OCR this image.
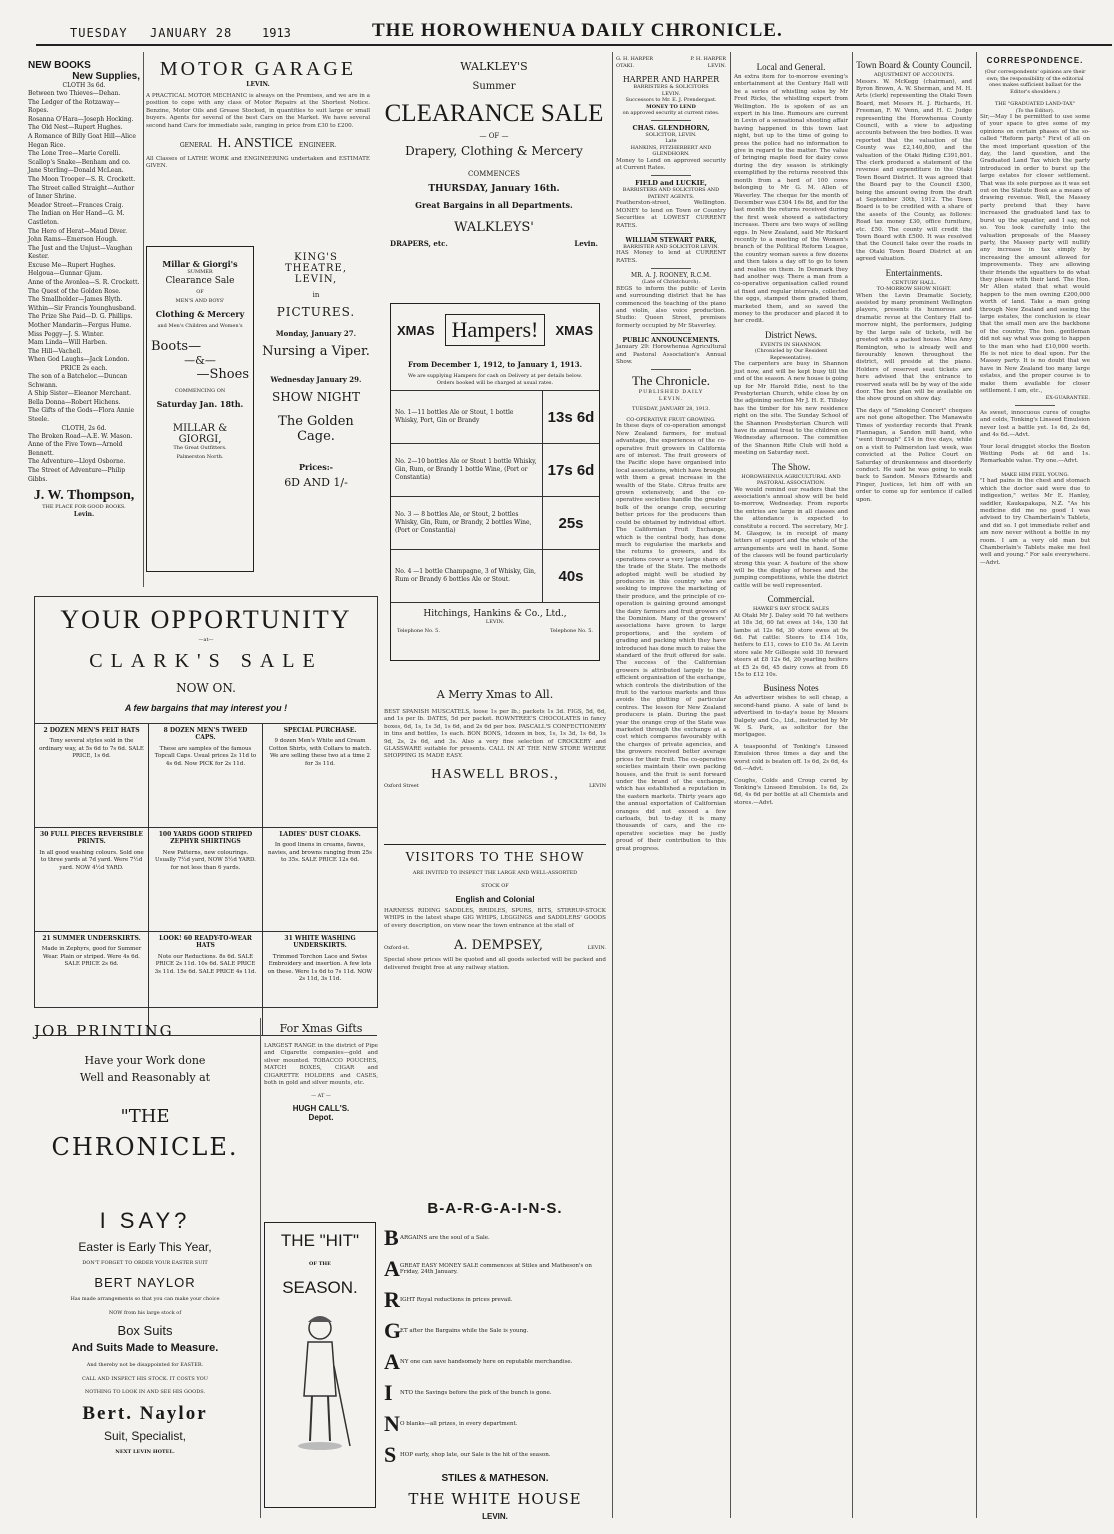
TUESDAY JANUARY 28 1913	THE HOROWHENUA DAILY CHRONICLE.
NEW BOOKS
New Supplies,
CLOTH 3s 6d.
Between two Thieves—Dehan.
The Ledger of the Rotzaway—Ropes.
Rosanna O'Hara—Joseph Hocking.
The Old Nest—Rupert Hughes.
A Romance of Billy Goat Hill—Alice Hegan Rice.
The Lone Tree—Marie Corelli.
Scallop's Snake—Benham and co.
Jane Sterling—Donald McLean.
The Moon Trooper—S. R. Crockett.
The Street called Straight—Author of Inner Shrine.
Meador Street—Frances Craig.
The Indian on Her Hand—G. M. Castleton.
The Hero of Herat—Maud Diver.
John Rams—Emerson Hough.
The Just and the Unjust—Vaughan Kester.
Excuse Me—Rupert Hughes.
Helgoua—Gunnar Gjum.
Anne of the Avonlea—S. R. Crockett.
The Quest of the Golden Rose.
The Smallholder—James Blyth.
Within—Sir Francis Younghusband.
The Prize She Paid—D. G. Phillips.
Mother Mandarin—Fergus Hume.
Miss Peggy—J. S. Winter.
Mam Linda—Will Harben.
The Hill—Vachell.
When God Laughs—Jack London.
PRICE 2s each.
The son of a Batchelor.—Duncan Schwann.
A Ship Sister—Eleanor Merchant.
Bella Donna—Robert Hichens.
The Gifts of the Gods—Flora Annie Steele.
CLOTH, 2s 6d.
The Broken Road—A.E. W. Mason.
Anne of the Five Town—Arnold Bennett.
The Adventure—Lloyd Osborne.
The Street of Adventure—Philip Gibbs.
J. W. Thompson,
THE PLACE FOR GOOD BOOKS.
Levin.
MOTOR GARAGE
LEVIN.
A PRACTICAL MOTOR MECHANIC is always on the Premises, and we are in a position to cope with any class of Motor Repairs at the Shortest Notice. Benzine, Motor Oils and Grease Stocked, in quantities to suit large or small buyers. Agents for several of the best Cars on the Market. We have several second hand Cars for immediate sale, ranging in price from £30 to £200.
GENERAL H. ANSTICE ENGINEER.
All Classes of LATHE WORK and ENGINEERING undertaken and ESTIMATE GIVEN.
Millar & Giorgi's
SUMMER
Clearance Sale
OF
MEN'S AND BOYS'
Clothing & Mercery
and Men's Children and Women's
Boots—
—&—
—Shoes
COMMENCING ON
Saturday Jan. 18th.
MILLAR & GIORGI,
The Great Outfitters.
Palmerston North.
KING'S THEATRE, LEVIN,
in
PICTURES.
Monday, January 27.
Nursing a Viper.
Wednesday January 29.
SHOW NIGHT
The Golden Cage.
Prices:-
6D AND 1/-
WALKLEY'S
Summer
CLEARANCE SALE
— OF —
Drapery, Clothing & Mercery
COMMENCES
THURSDAY, January 16th.
Great Bargains in all Departments.
WALKLEYS'
DRAPERS, etc.	Levin.
XMAS Hampers!	XMAS
From December 1, 1912, to January 1, 1913.
We are supplying Hampers for cash on Delivery at per details below. Orders booked will be charged at usual rates.
No. 1—11 bottles Ale or Stout, 1 bottle Whisky, Port, Gin or Brandy	13s 6d
No. 2—10 bottles Ale or Stout 1 bottle Whisky, Gin, Rum, or Brandy 1 bottle Wine, (Port or Constantia)	17s 6d
No. 3 — 8 bottles Ale, or Stout, 2 bottles Whisky, Gin, Rum, or Brandy, 2 bottles Wine, (Port or Constantia)	25s
No. 4 —1 bottle Champagne, 3 of Whisky, Gin, Rum or Brandy 6 bottles Ale or Stout.	40s
Hitchings, Hankins & Co., Ltd.,
LEVIN.
Telephone No. 5.	Telephone No. 5.
A Merry Xmas to All.
BEST SPANISH MUSCATELS, loose 1s per lb.; packets 1s 3d. FIGS, 5d, 6d, and 1s per lb. DATES, 5d per packet. ROWNTREE'S CHOCOLATES in fancy boxes, 6d, 1s, 1s 3d, 1s 6d, and 2s 6d per box. PASCALL'S CONFECTIONERY in tins and bottles, 1s each. BON BONS, 1dozen in box, 1s, 1s 3d, 1s 6d, 1s 9d, 2s, 2s 6d, and 3s. Also a very fine selection of CROCKERY and GLASSWARE suitable for presents. CALL IN AT THE NEW STORE WHERE SHOPPING IS MADE EASY.
HASWELL BROS.,
Oxford Street	LEVIN
VISITORS TO THE SHOW
ARE INVITED TO INSPECT THE LARGE AND WELL-ASSORTED
STOCK OF
English and Colonial
HARNESS RIDING SADDLES, BRIDLES, SPURS, BITS, STIRRUP-STOCK WHIPS in the latest shape GIG WHIPS, LEGGINGS and SADDLERS' GOODS of every description, on view near the town entrance at the stall of
Oxford-st.	A. DEMPSEY,	LEVIN.
Special show prices will be quoted and all goods selected will be packed and delivered freight free at any railway station.
YOUR OPPORTUNITY
—at—
CLARK'S SALE
NOW ON.
A few bargains that may interest you !
2 DOZEN MEN'S FELT HATS
Tony several styles sold in the ordinary way, at 5s 6d to 7s 6d. SALE PRICE, 1s 6d.
8 DOZEN MEN'S TWEED CAPS.
These are samples of the famous Topcall Caps. Usual prices 2s 11d to 4s 6d. Now PICK for 2s 11d.
SPECIAL PURCHASE.
9 dozen Men's White and Cream Cotton Shirts, with Collars to match. We are selling these two at a time 2 for 3s 11d.
30 FULL PIECES REVERSIBLE PRINTS.
In all good washing colours. Sold one to three yards at 7d yard. Were 7½d yard. NOW 4½d YARD.
100 YARDS GOOD STRIPED ZEPHYR SHIRTINGS
New Patterns, new colourings. Usually 7½d yard, NOW 5½d YARD. for not less than 6 yards.
LADIES' DUST CLOAKS.
In good linens in creams, fawns, navies, and browns ranging from 25s to 35s. SALE PRICE 12s 6d.
21 SUMMER UNDERSKIRTS.
Made in Zephyrs, good for Summer Wear. Plain or striped. Were 4s 6d. SALE PRICE 2s 6d.
LOOK! 60 READY-TO-WEAR HATS
Note our Reductions. 8s 6d. SALE PRICE 2s 11d. 10s 6d. SALE PRICE 3s 11d. 15s 6d. SALE PRICE 4s 11d.
31 WHITE WASHING UNDERSKIRTS.
Trimmed Torchon Lace and Swiss Embroidery and insertion. A few lots on these. Were 1s 6d to 7s 11d. NOW 2s 11d, 3s 11d.
JOB PRINTING
Have your Work done
Well and Reasonably at
"THE
CHRONICLE.
I SAY?
Easter is Early This Year,
DON'T FORGET TO ORDER YOUR EASTER SUIT
BERT NAYLOR
Has made arrangements so that you can make your choice
NOW from his large stock of
Box Suits
And Suits Made to Measure.
And thereby not be disappointed for EASTER.
CALL AND INSPECT HIS STOCK. IT COSTS YOU
NOTHING TO LOOK IN AND SEE HIS GOODS.
Bert. Naylor
Suit, Specialist,
NEXT LEVIN HOTEL.
For Xmas Gifts
LARGEST RANGE in the district of Pipe and Cigarette companies—gold and silver mounted. TOBACCO POUCHES, MATCH BOXES, CIGAR and CIGARETTE HOLDERS and CASES, both in gold and silver mounts, etc.
— AT —
HUGH CALL'S.
Depot.
THE "HIT"
OF THE
SEASON.
B-A-R-G-A-I-N-S.
B ARGAINS are the soul of a Sale.
A GREAT EASY MONEY SALE commences at Stiles and Matheson's on Friday, 24th January.
R IGHT Royal reductions in prices prevail.
G
ET after the Bargains while the Sale is young.
A NY one can save handsomely here on reputable merchandise.
I	NTO the Savings before the pick of the bunch is gone.
N O blanks—all prizes, in every department.
S HOP early, shop late, our Sale is the hit of the season.
STILES & MATHESON.
THE WHITE HOUSE
LEVIN.
G. H. HARPER	P. H. HARPER
OTAKI.	LEVIN.
HARPER AND HARPER
BARRISTERS & SOLICITORS
LEVIN.
Successors to Mr. E. J. Prendergast.
MONEY TO LEND
on approved security at current rates.
CHAS. GLENDHORN,
SOLICITOR, LEVIN.
Late
HANKINS, FITZHERBERT AND GLENDHORN.
Money to Lend on approved security at Current Rates.
FIELD and LUCKIE,
BARRISTERS AND SOLICITORS AND PATENT AGENTS.
Featherston-street, Wellington. MONEY to lend on Town or Country Securities at LOWEST CURRENT RATES.
WILLIAM STEWART PARK,
BARRISTER AND SOLICITOR LEVIN.
HAS Money to lend at CURRENT RATES.
MR. A. J. ROONEY, R.C.M.
(Late of Christchurch).
BEGS to inform the public of Levin and surrounding district that he has commenced the teaching of the piano and violin, also voice production. Studio: Queen Street, premises formerly occupied by Mr Staverley.
PUBLIC ANNOUNCEMENTS.
January 29: Horowhenua Agricultural and Pastoral Association's Annual Show.
The Chronicle.
PUBLISHED DAILY
LEVIN.
TUESDAY, JANUARY 28, 1913.
CO-OPERATIVE FRUIT GROWING.
In these days of co-operation amongst New Zealand farmers, for mutual advantage, the experiences of the co-operative fruit growers in California are of interest. The fruit growers of the Pacific slope have organised into local associations, which have brought with them a great increase in the wealth of the State. Citrus fruits are grown extensively, and the co-operative societies handle the greater bulk of the orange crop, securing better prices for the producers than could be obtained by individual effort. The Californian Fruit Exchange, which is the central body, has done much to regularise the markets and the returns to growers, and its operations cover a very large share of the trade of the State. The methods adopted might well be studied by producers in this country who are seeking to improve the marketing of their produce, and the principle of co-operation is gaining ground amongst the dairy farmers and fruit growers of the Dominion. Many of the growers' associations have grown to large proportions, and the system of grading and packing which they have introduced has done much to raise the standard of the fruit offered for sale. The success of the Californian growers is attributed largely to the efficient organisation of the exchange, which controls the distribution of the fruit to the various markets and thus avoids the glutting of particular centres. The lesson for New Zealand producers is plain. During the past year the orange crop of the State was marketed through the exchange at a cost which compares favourably with the charges of private agencies, and the growers received better average prices for their fruit. The co-operative societies maintain their own packing houses, and the fruit is sent forward under the brand of the exchange, which has established a reputation in the eastern markets. Thirty years ago the annual exportation of Californian oranges did not exceed a few carloads, but to-day it is many thousands of cars, and the co-operative societies may be justly proud of their contribution to this great progress.
Local and General.
An extra item for to-morrow evening's entertainment at the Century Hall will be a series of whistling solos by Mr Fred Ricks, the whistling expert from Wellington. He is spoken of as an expert in his line. Rumours are current in Levin of a sensational shooting affair having happened in this town last night, but up to the time of going to press the police had no information to give in regard to the matter. The value of bringing maple feed for dairy cows during the dry season is strikingly exemplified by the returns received this month from a herd of 100 cows belonging to Mr G. M. Allen of Waverley. The cheque for the month of December was £304 16s 8d, and for the last month the returns received during the first week showed a satisfactory increase. There are two ways of selling eggs. In New Zealand, said Mr Rickard recently to a meeting of the Women's branch of the Political Reform League, the country woman saves a few dozens and then takes a day off to go to town and realise on them. In Denmark they had another way. There a man from a co-operative organisation called round at fixed and regular intervals, collected the eggs, stamped them graded them, marketed them, and so saved the money to the producer and placed it to her credit.
District News.
EVENTS IN SHANNON.
(Chronicled by Our Resident Representative).
The carpenters are busy in Shannon just now, and will be kept busy till the end of the season. A new house is going up for Mr Harold Edie, next to the Presbyterian Church, while close by on the adjoining section Mr J. H. E. Tillsley has the timber for his new residence right on the site. The Sunday School of the Shannon Presbyterian Church will have its annual treat to the children on Wednesday afternoon. The committee of the Shannon Rifle Club will hold a meeting on Saturday next.
The Show.
HOROWHENUA AGRICULTURAL AND PASTORAL ASSOCIATION.
We would remind our readers that the association's annual show will be held to-morrow, Wednesday. From reports the entries are large in all classes and the attendance is expected to constitute a record. The secretary, Mr J. M. Glasgow, is in receipt of many letters of support and the whole of the arrangements are well in hand. Some of the classes will be found particularly strong this year. A feature of the show will be the display of horses and the jumping competitions, while the district cattle will be well represented.
Commercial.
HAWKE'S BAY STOCK SALES
At Otaki Mr J. Daley sold 70 fat wethers at 18s 3d, 60 fat ewes at 14s, 130 fat lambs at 12s 6d, 30 store ewes at 9s 6d. Fat cattle: Steers to £14 10s, heifers to £11, cows to £10 5s. At Levin store sale Mr Gillespie sold 30 forward steers at £8 12s 6d, 20 yearling heifers at £5 2s 6d, 45 dairy cows at from £6 15s to £12 10s.
Business Notes
An advertiser wishes to sell cheap, a second-hand piano. A sale of land is advertised in to-day's issue by Messrs Dalgety and Co., Ltd., instructed by Mr W. S. Park, as solicitor for the mortgagee.
A teaspoonful of Tonking's Linseed Emulsion three times a day and the worst cold is beaten off. 1s 6d, 2s 6d, 4s 6d.—Advt.
Coughs, Colds and Croup cured by Tonking's Linseed Emulsion. 1s 6d, 2s 6d, 4s 6d per bottle at all Chemists and stores.—Advt.
Town Board & County Council.
ADJUSTMENT OF ACCOUNTS.
Messrs. W. McKegg (chairman), and Byron Brown, A. W. Sherman, and M. H. Arts (clerk) representing the Otaki Town Board, met Messrs H. J. Richards, H. Freeman, F. W. Venn, and H. C. Judge representing the Horowhenua County Council, with a view to adjusting accounts between the two bodies. It was reported that the valuation of the County was £2,140,800, and the valuation of the Otaki Riding £391,801. The clerk produced a statement of the revenue and expenditure in the Otaki Town Board District. It was agreed that the Board pay to the Council £300, being the amount owing from the draft at September 30th, 1912. The Town Board is to be credited with a share of the assets of the County, as follows: Road tax money £30, office furniture, etc. £50. The county will credit the Town Board with £500. It was resolved that the Council take over the roads in the Otaki Town Board District at an agreed valuation.
Entertainments.
CENTURY HALL.
TO-MORROW SHOW NIGHT.
When the Levin Dramatic Society, assisted by many prominent Wellington players, presents its humorous and dramatic revue at the Century Hall to-morrow night, the performers, judging by the large sale of tickets, will be greeted with a packed house. Miss Amy Remington, who is already well and favourably known throughout the district, will preside at the piano. Holders of reserved seat tickets are here advised that the entrance to reserved seats will be by way of the side door. The box plan will be available on the show ground on show day.
The days of "Smoking Concert" cheques are not gone altogether. The Manawatu Times of yesterday records that Frank Flannagan, a Sandon mill hand, who "went through" £14 in five days, while on a visit to Palmerston last week, was convicted at the Police Court on Saturday of drunkenness and disorderly conduct. He said he was going to walk back to Sandon. Messrs Edwards and Finger, Justices, let him off with an order to come up for sentence if called upon.
CORRESPONDENCE.
(Our correspondents' opinions are their own; the responsibility of the editorial ones makes sufficient ballast for the Editor's shoulders.)
THE "GRADUATED LAND-TAX"
(To the Editor).
Sir,—May I be permitted to use some of your space to give some of my opinions on certain phases of the so-called "Reform party." First of all on the most important question of the day, the land question, and the Graduated Land Tax which the party introduced in order to burst up the large estates for closer settlement. That was its sole purpose as it was set out on the Statute Book as a means of drawing revenue. Well, the Massey party pretend that they have increased the graduated land tax to burst up the squatter, and I say, not so. You look carefully into the valuation proposals of the Massey party, the Massey party will nullify any increase in tax simply by increasing the amount allowed for improvements. They are allowing their friends the squatters to do what they please with their land. The Hon. Mr Allen stated that what would happen to the men owning £200,000 worth of land. Take a man going through New Zealand and seeing the large estates, the conclusion is clear that the small men are the backbone of the country. The hon. gentleman did not say what was going to happen to the man who had £10,000 worth. He is not nice to deal upon. For the Massey party. It is no doubt that we have in New Zealand too many large estates, and the proper course is to make them available for closer settlement. I am, etc.,
EX-GUARANTEE.
As sweet, innocuous cures of coughs and colds, Tonking's Linseed Emulsion never lost a battle yet. 1s 6d, 2s 6d, and 4s 6d.—Advt.
Your local druggist stocks the Boston Wetting Pods at 6d and 1s. Remarkable value. Try one.—Advt.
MAKE HIM FEEL YOUNG.
"I had pains in the chest and stomach which the doctor said were due to indigestion," writes Mr E. Hanley, saddler, Kaukapakapa, N.Z. "As his medicine did me no good I was advised to try Chamberlain's Tablets, and did so. I got immediate relief and am now never without a bottle in my room. I am a very old man but Chamberlain's Tablets make me feel well and young." For sale everywhere.—Advt.
